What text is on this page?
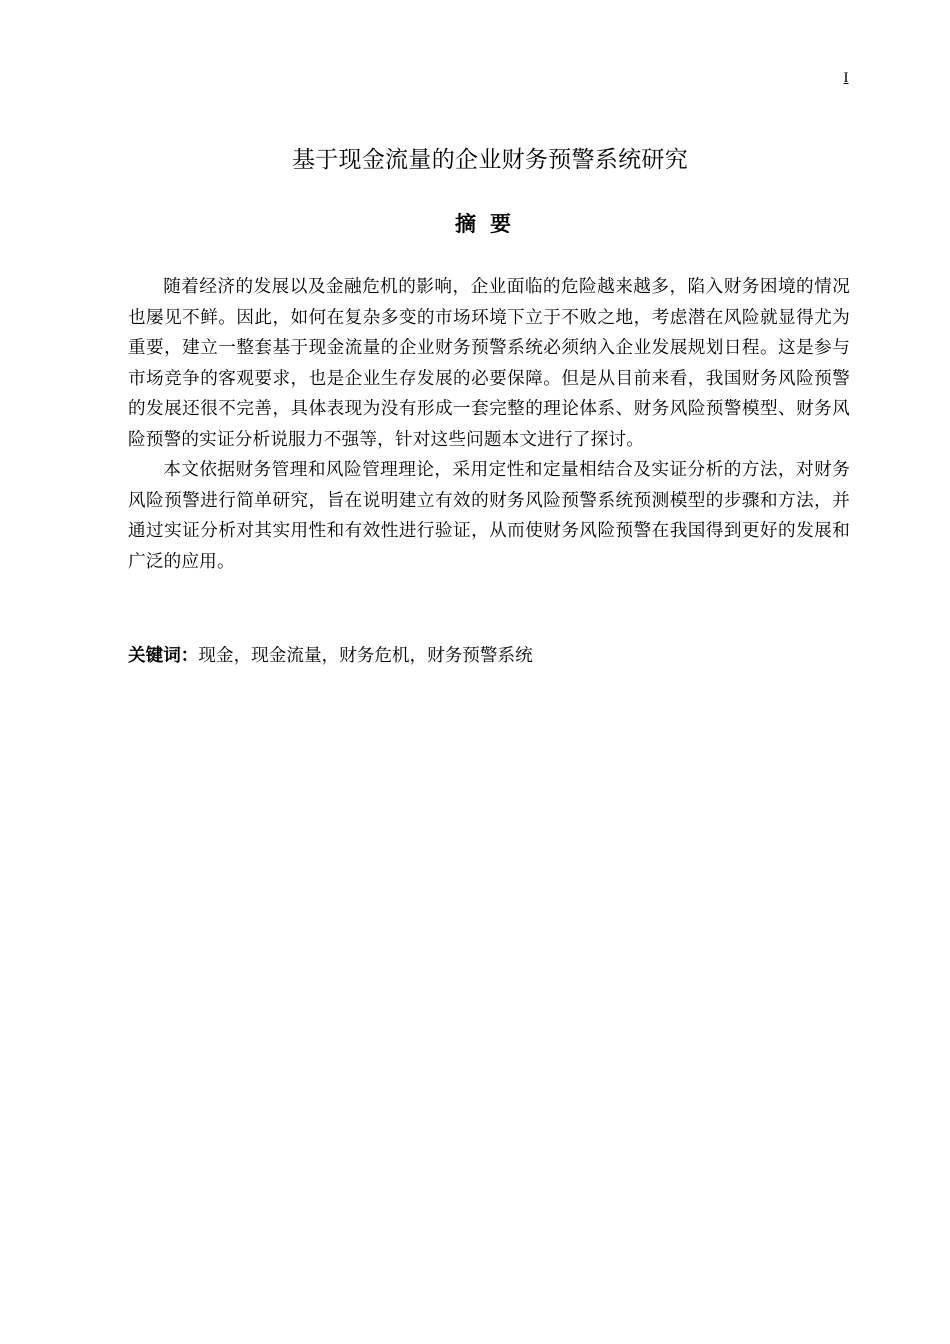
I
基于现金流量的企业财务预警系统研究
摘要

随着经济的发展以及金融危机的影响，企业面临的危险越来越多，陷入财务困境的情况也屡见不鲜。因此，如何在复杂多变的市场环境下立于不败之地，考虑潜在风险就显得尤为重要，建立一整套基于现金流量的企业财务预警系统必须纳入企业发展规划日程。这是参与市场竞争的客观要求，也是企业生存发展的必要保障。但是从目前来看，我国财务风险预警的发展还很不完善，具体表现为没有形成一套完整的理论体系、财务风险预警模型、财务风险预警的实证分析说服力不强等，针对这些问题本文进行了探讨。

本文依据财务管理和风险管理理论，采用定性和定量相结合及实证分析的方法，对财务风险预警进行简单研究，旨在说明建立有效的财务风险预警系统预测模型的步骤和方法，并通过实证分析对其实用性和有效性进行验证，从而使财务风险预警在我国得到更好的发展和广泛的应用。

关键词：现金，现金流量，财务危机，财务预警系统
